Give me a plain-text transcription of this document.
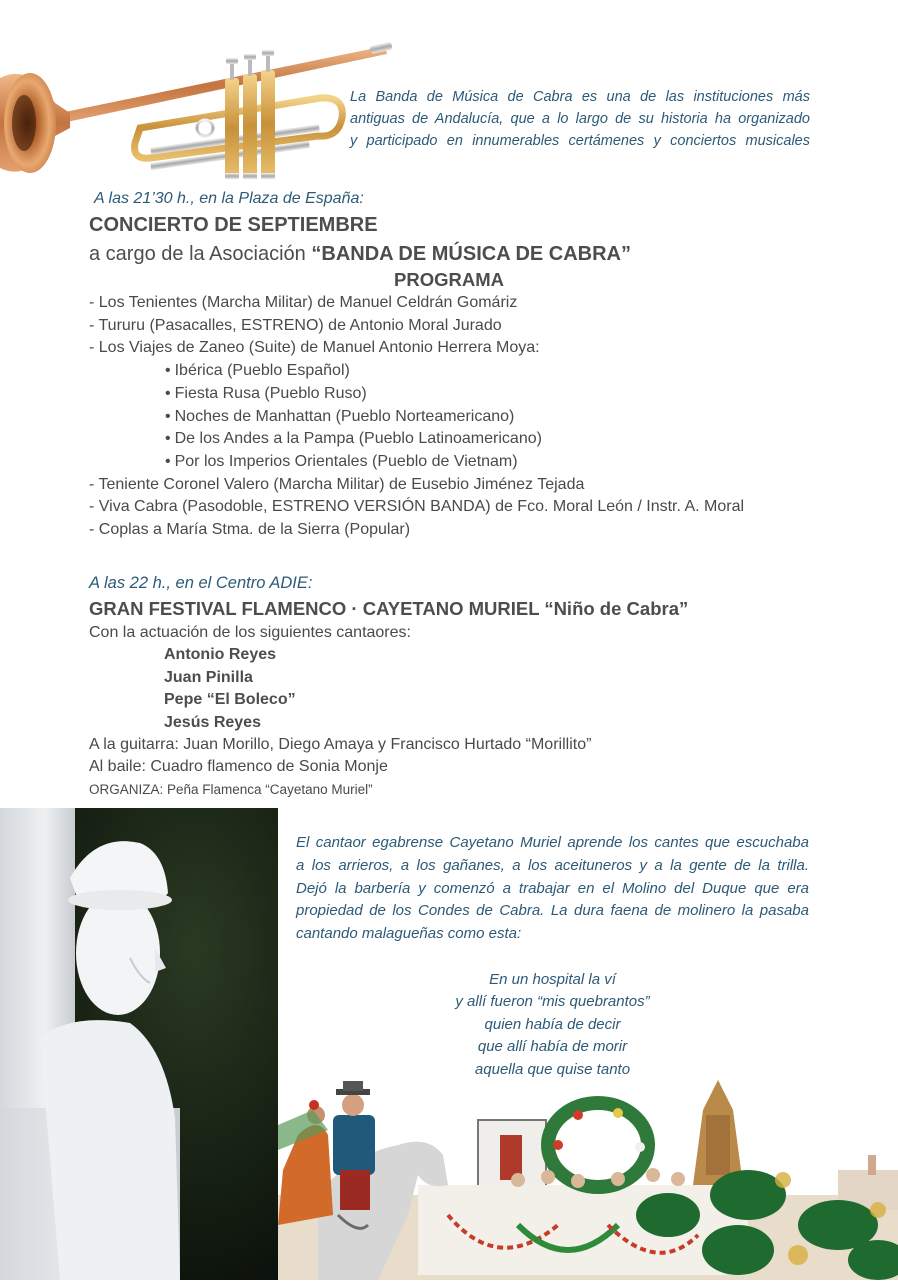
La Banda de Música de Cabra es una de las instituciones más
antiguas de Andalucía, que a lo largo de su historia ha organizado
y participado en innumerables certámenes y conciertos musicales
A las 21’30 h., en la Plaza de España:
CONCIERTO DE SEPTIEMBRE
a cargo de la Asociación “BANDA DE MÚSICA DE CABRA”
PROGRAMA
- Los Tenientes (Marcha Militar) de Manuel Celdrán Gomáriz
- Tururu (Pasacalles, ESTRENO) de Antonio Moral Jurado
- Los Viajes de Zaneo (Suite) de Manuel Antonio Herrera Moya:
• Ibérica (Pueblo Español)
• Fiesta Rusa (Pueblo Ruso)
• Noches de Manhattan (Pueblo Norteamericano)
• De los Andes a la Pampa (Pueblo Latinoamericano)
• Por los Imperios Orientales (Pueblo de Vietnam)
- Teniente Coronel Valero (Marcha Militar) de Eusebio Jiménez Tejada
- Viva Cabra (Pasodoble, ESTRENO VERSIÓN BANDA) de Fco. Moral León / Instr. A. Moral
- Coplas a María Stma. de la Sierra (Popular)
A las 22 h., en el Centro ADIE:
GRAN FESTIVAL FLAMENCO · CAYETANO MURIEL “Niño de Cabra”
Con la actuación de los siguientes cantaores:
Antonio Reyes
Juan Pinilla
Pepe “El Boleco”
Jesús Reyes
A la guitarra: Juan Morillo, Diego Amaya y Francisco Hurtado “Morillito”
Al baile: Cuadro flamenco de Sonia Monje
ORGANIZA: Peña Flamenca “Cayetano Muriel”
El cantaor egabrense Cayetano Muriel aprende los cantes que escuchaba
a los arrieros, a los gañanes, a los aceituneros y a la gente de la trilla.
Dejó la barbería y comenzó a trabajar en el Molino del Duque que era
propiedad de los Condes de Cabra. La dura faena de molinero la pasaba
cantando malagueñas como esta:
En un hospital la ví
y allí fueron “mis quebrantos”
quien había de decir
que allí había de morir
aquella que quise tanto
